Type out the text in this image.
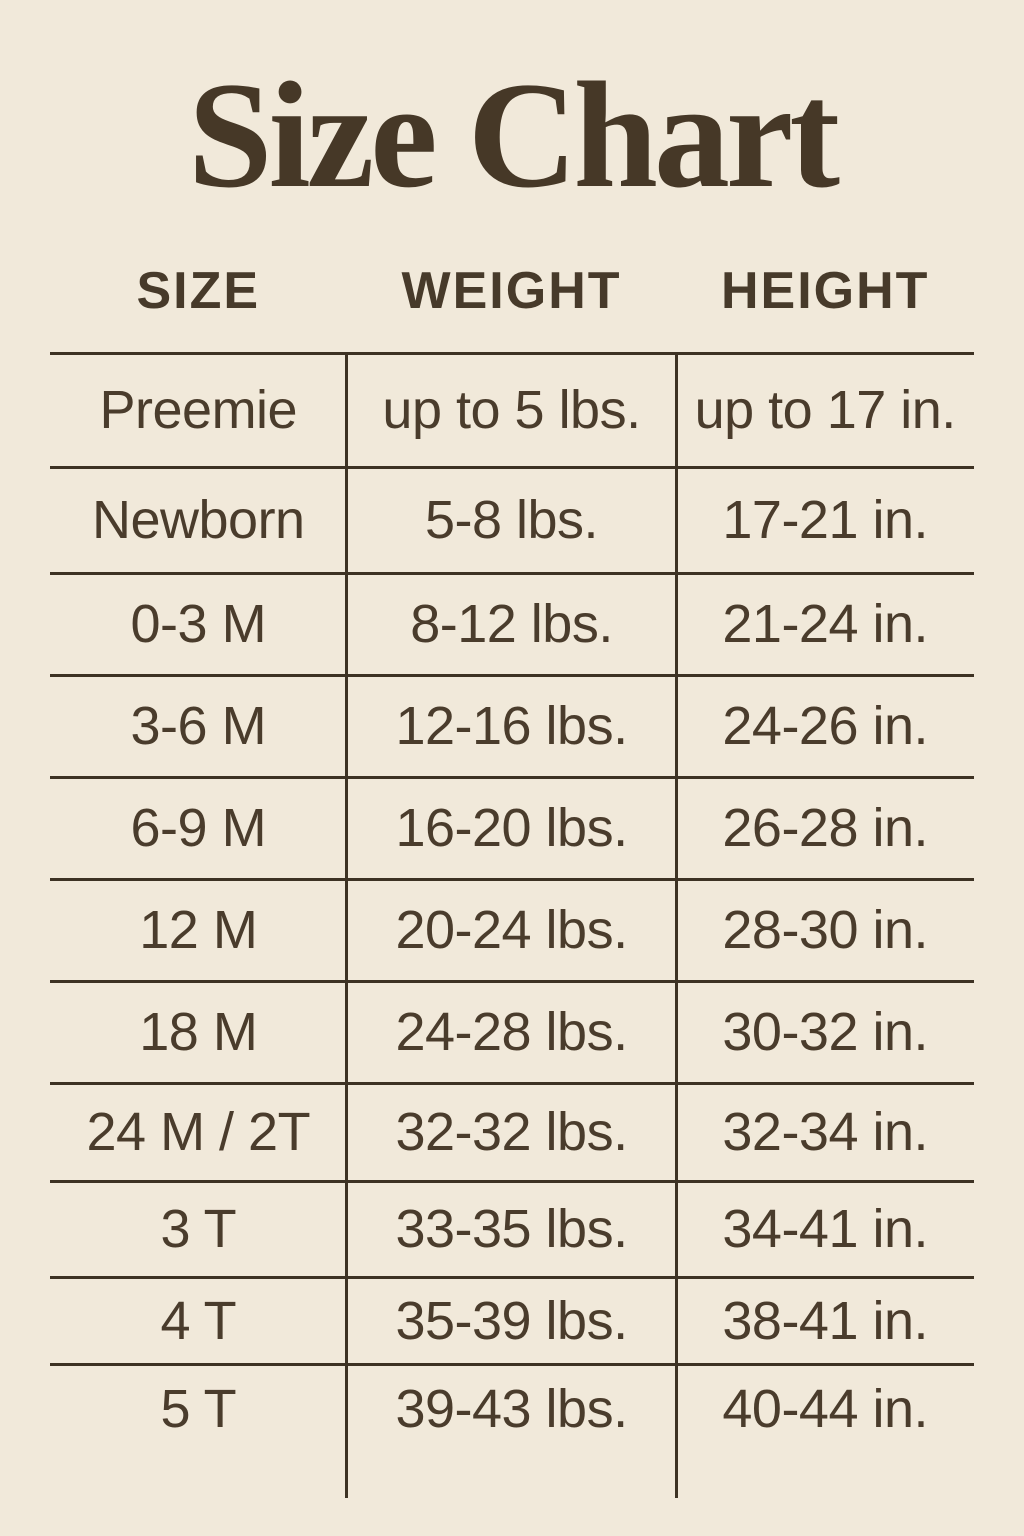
Size Chart
SIZE	WEIGHT	HEIGHT
Preemie	up to 5 lbs. up to 17 in.
Newborn	5-8 lbs.	17-21 in.
0-3 M	8-12 lbs.	21-24 in.
3-6 M	12-16 lbs.	24-26 in.
6-9 M	16-20 lbs.	26-28 in.
12 M	20-24 lbs.	28-30 in.
18 M	24-28 lbs.	30-32 in.
24 M / 2T	32-32 lbs.	32-34 in.
3 T	33-35 lbs.	34-41 in.
4 T	35-39 lbs.	38-41 in.
5 T	39-43 lbs.	40-44 in.
